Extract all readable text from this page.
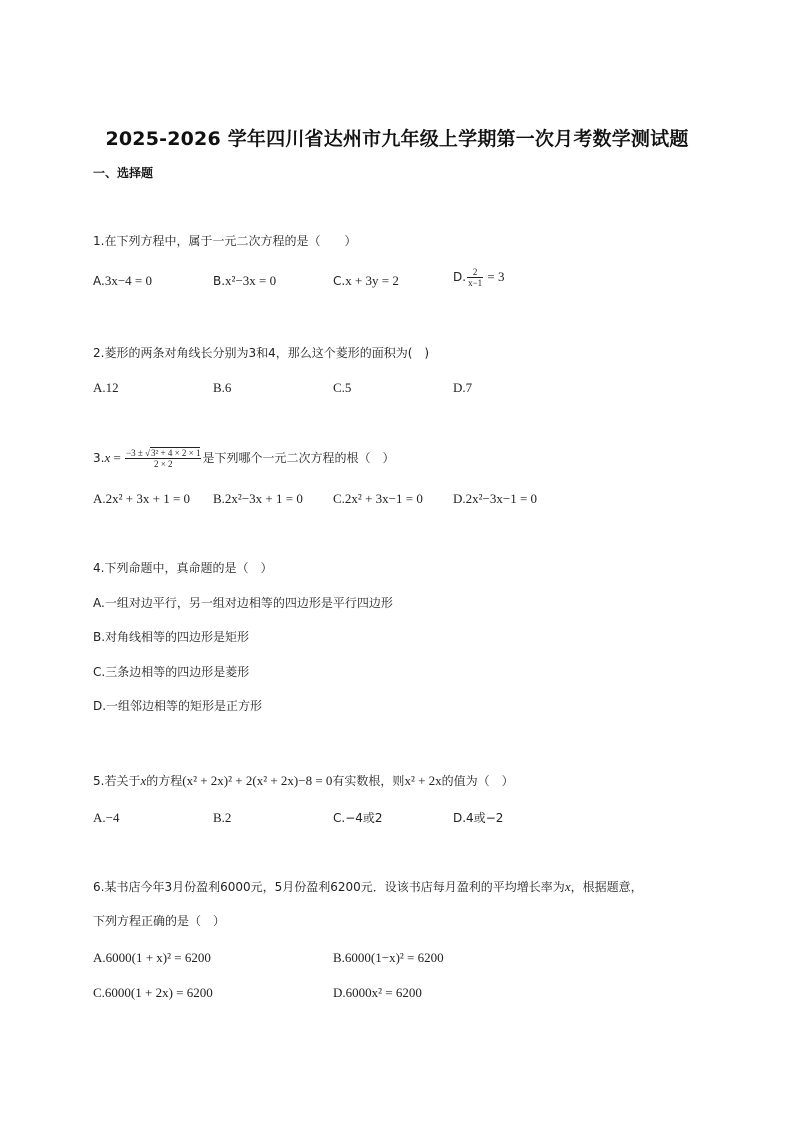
2025-2026 学年四川省达州市九年级上学期第一次月考数学测试题
一、选择题
1.在下列方程中，属于一元二次方程的是（　　）
A.3x−4 = 0	B.x²−3x = 0	C.x + 3y = 2	D. $\frac{2}{x-1} = 3$
2.菱形的两条对角线长分别为3和4，那么这个菱形的面积为(　)
A.12	B.6	C.5	D.7
$3.x = \frac{\text{−3 ± √3² + 4 × 2 × 1}}{2 \times 2}$ 是下列哪个一元二次方程的根（　）
A.2x² + 3x + 1 = 0 B.2x²−3x + 1 = 0 C.2x² + 3x−1 = 0 D.2x²−3x−1 = 0
4.下列命题中，真命题的是（　）
A.一组对边平行，另一组对边相等的四边形是平行四边形
B.对角线相等的四边形是矩形
C.三条边相等的四边形是菱形
D.一组邻边相等的矩形是正方形
5.若关于x的方程(x² + 2x)² + 2(x² + 2x)−8 = 0有实数根，则x² + 2x的值为（　）
A.−4	B.2	C.−4或2	D.4或−2
6.某书店今年3月份盈利6000元，5月份盈利6200元．设该书店每月盈利的平均增长率为x，根据题意，
下列方程正确的是（　）
A.6000(1 + x)² = 6200	B.6000(1−x)² = 6200
C.6000(1 + 2x) = 6200	D.6000x² = 6200
